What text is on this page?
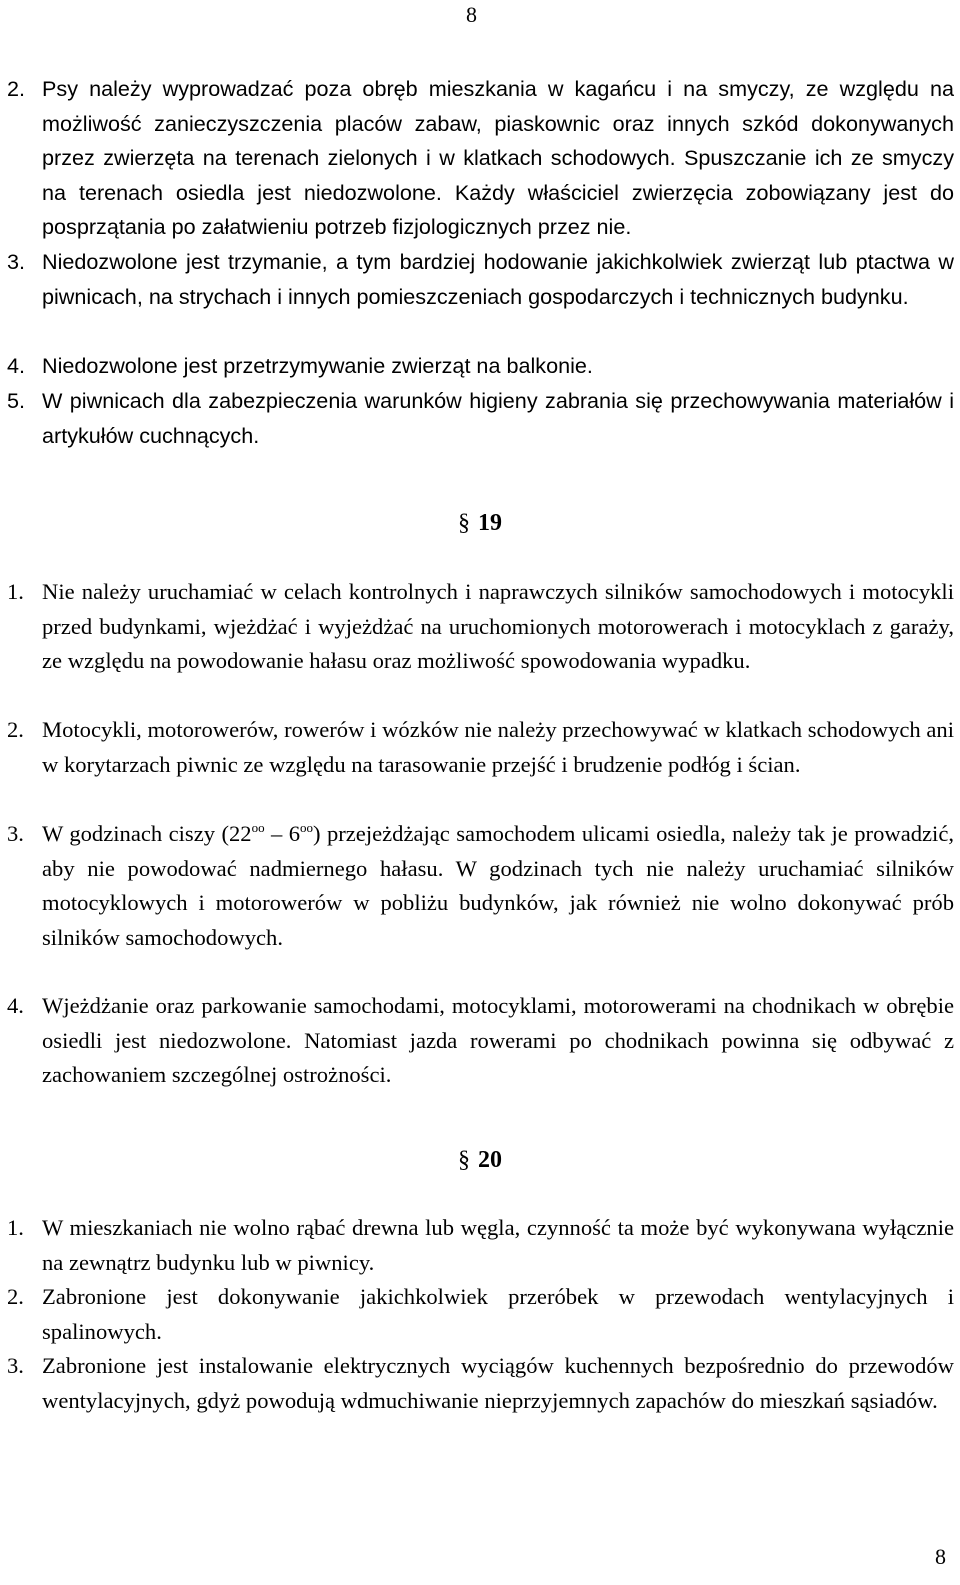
8
2. Psy należy wyprowadzać poza obręb mieszkania w kagańcu i na smyczy, ze względu na możliwość zanieczyszczenia placów zabaw, piaskownic oraz innych szkód dokonywanych przez zwierzęta na terenach zielonych i w klatkach schodowych. Spuszczanie ich ze smyczy na terenach osiedla jest niedozwolone. Każdy właściciel zwierzęcia zobowiązany jest do posprzątania po załatwieniu potrzeb fizjologicznych przez nie.
3. Niedozwolone jest trzymanie, a tym bardziej hodowanie jakichkolwiek zwierząt lub ptactwa w piwnicach, na strychach i innych pomieszczeniach gospodarczych i technicznych budynku.
4. Niedozwolone jest przetrzymywanie zwierząt na balkonie.
5. W piwnicach dla zabezpieczenia warunków higieny zabrania się przechowywania materiałów i artykułów cuchnących.
§ 19
1. Nie należy uruchamiać w celach kontrolnych i naprawczych silników samochodowych i motocykli przed budynkami, wjeżdżać i wyjeżdżać na uruchomionych motorowerach i motocyklach z garaży, ze względu na powodowanie hałasu oraz możliwość spowodowania wypadku.
2. Motocykli, motorowerów, rowerów i wózków nie należy przechowywać w klatkach schodowych ani w korytarzach piwnic ze względu na tarasowanie przejść i brudzenie podłóg i ścian.
3. W godzinach ciszy $(22^{oo} - 6^{oo})$ przejeżdżając samochodem ulicami osiedla, należy tak je prowadzić, aby nie powodować nadmiernego hałasu. W godzinach tych nie należy uruchamiać silników motocyklowych i motorowerów w pobliżu budynków, jak również nie wolno dokonywać prób silników samochodowych.
4. Wjeżdżanie oraz parkowanie samochodami, motocyklami, motorowerami na chodnikach w obrębie osiedli jest niedozwolone. Natomiast jazda rowerami po chodnikach powinna się odbywać z zachowaniem szczególnej ostrożności.
§ 20
1. W mieszkaniach nie wolno rąbać drewna lub węgla, czynność ta może być wykonywana wyłącznie na zewnątrz budynku lub w piwnicy.
2. Zabronione jest dokonywanie jakichkolwiek przeróbek w przewodach wentylacyjnych i spalinowych.
3. Zabronione jest instalowanie elektrycznych wyciągów kuchennych bezpośrednio do przewodów wentylacyjnych, gdyż powodują wdmuchiwanie nieprzyjemnych zapachów do mieszkań sąsiadów.
8
